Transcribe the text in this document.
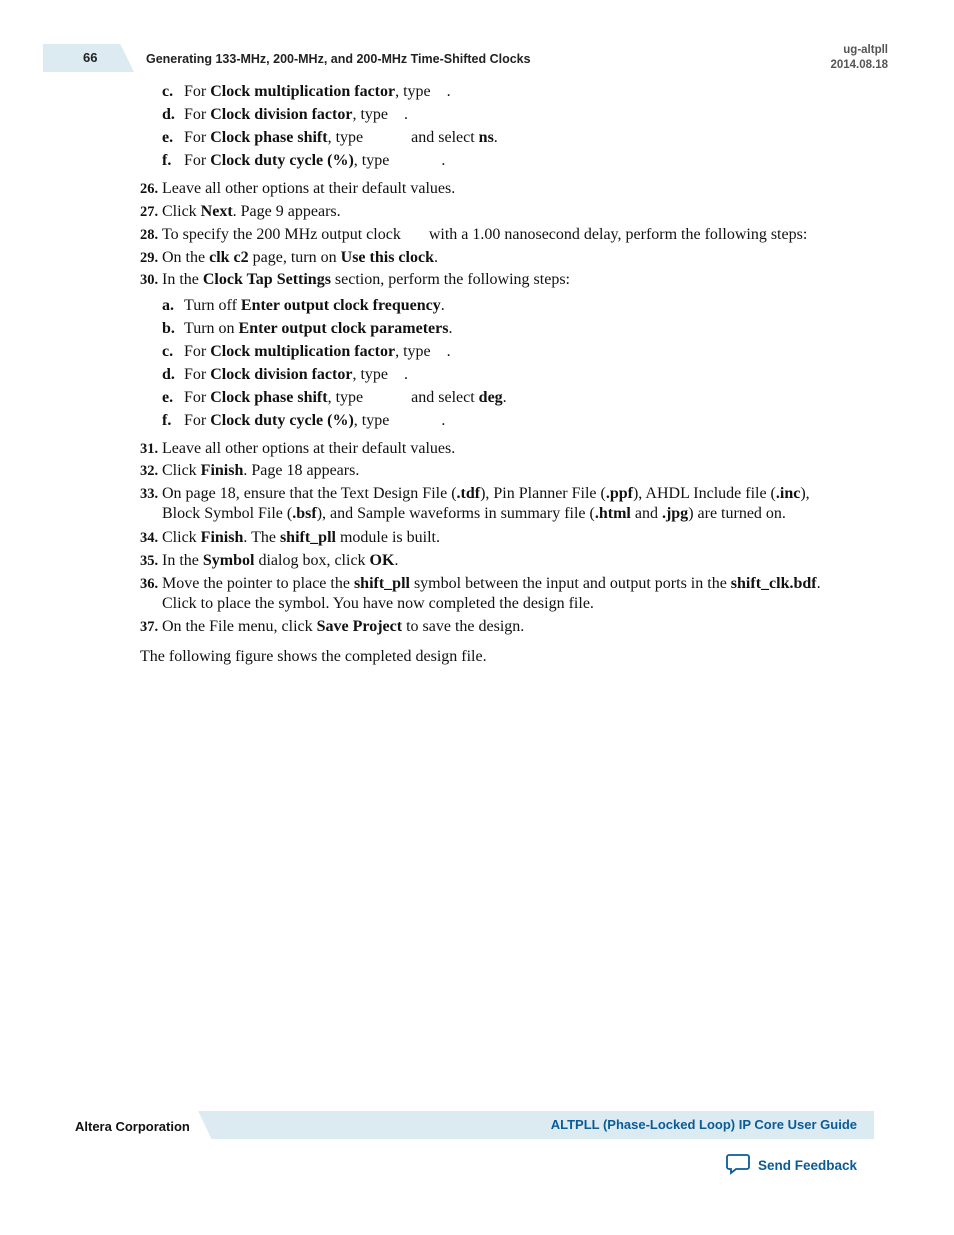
66	Generating 133-MHz, 200-MHz, and 200-MHz Time-Shifted Clocks
ug-altpll
2014.08.18
c. For Clock multiplication factor, type    .
d. For Clock division factor, type    .
e. For Clock phase shift, type            and select ns.
f. For Clock duty cycle (%), type             .
26. Leave all other options at their default values.
27. Click Next. Page 9 appears.
28. To specify the 200 MHz output clock       with a 1.00 nanosecond delay, perform the following steps:
29. On the clk c2 page, turn on Use this clock.
30. In the Clock Tap Settings section, perform the following steps:
a. Turn off Enter output clock frequency.
b. Turn on Enter output clock parameters.
c. For Clock multiplication factor, type    .
d. For Clock division factor, type    .
e. For Clock phase shift, type            and select deg.
f. For Clock duty cycle (%), type             .
31. Leave all other options at their default values.
32. Click Finish. Page 18 appears.
33. On page 18, ensure that the Text Design File (.tdf), Pin Planner File (.ppf), AHDL Include file (.inc),
Block Symbol File (.bsf), and Sample waveforms in summary file (.html and .jpg) are turned on.
34. Click Finish. The shift_pll module is built.
35. In the Symbol dialog box, click OK.
36. Move the pointer to place the shift_pll symbol between the input and output ports in the shift_clk.bdf.
Click to place the symbol. You have now completed the design file.
37. On the File menu, click Save Project to save the design.
The following figure shows the completed design file.
Altera Corporation	ALTPLL (Phase-Locked Loop) IP Core User Guide
Send Feedback
